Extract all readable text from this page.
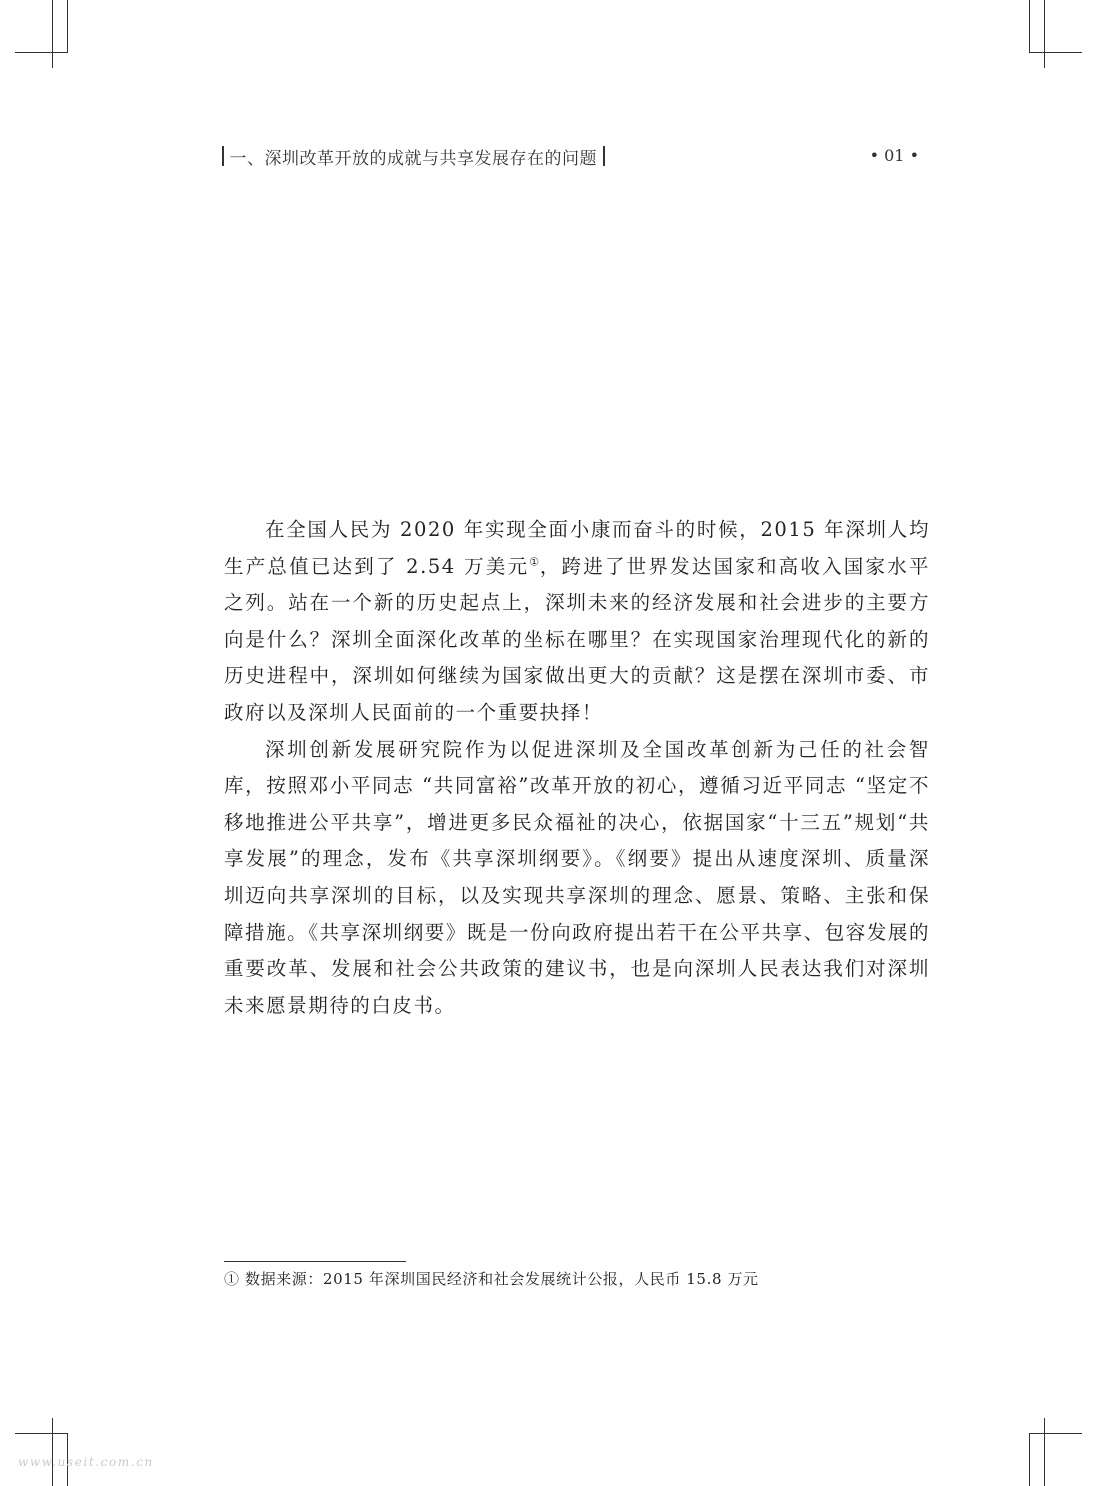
一、深圳改革开放的成就与共享发展存在的问题	• 01 •

在全国人民为 2020 年实现全面小康而奋斗的时候，2015 年深圳人均生产总值已达到了 2.54 万美元①，跨进了世界发达国家和高收入国家水平之列。站在一个新的历史起点上，深圳未来的经济发展和社会进步的主要方向是什么？深圳全面深化改革的坐标在哪里？在实现国家治理现代化的新的历史进程中，深圳如何继续为国家做出更大的贡献？这是摆在深圳市委、市政府以及深圳人民面前的一个重要抉择！

深圳创新发展研究院作为以促进深圳及全国改革创新为己任的社会智库，按照邓小平同志 “共同富裕”改革开放的初心，遵循习近平同志 “坚定不移地推进公平共享”，增进更多民众福祉的决心，依据国家“十三五”规划“共享发展”的理念，发布《共享深圳纲要》。《纲要》提出从速度深圳、质量深圳迈向共享深圳的目标，以及实现共享深圳的理念、愿景、策略、主张和保障措施。《共享深圳纲要》既是一份向政府提出若干在公平共享、包容发展的重要改革、发展和社会公共政策的建议书，也是向深圳人民表达我们对深圳未来愿景期待的白皮书。

① 数据来源：2015 年深圳国民经济和社会发展统计公报，人民币 15.8 万元
www.useit.com.cn
